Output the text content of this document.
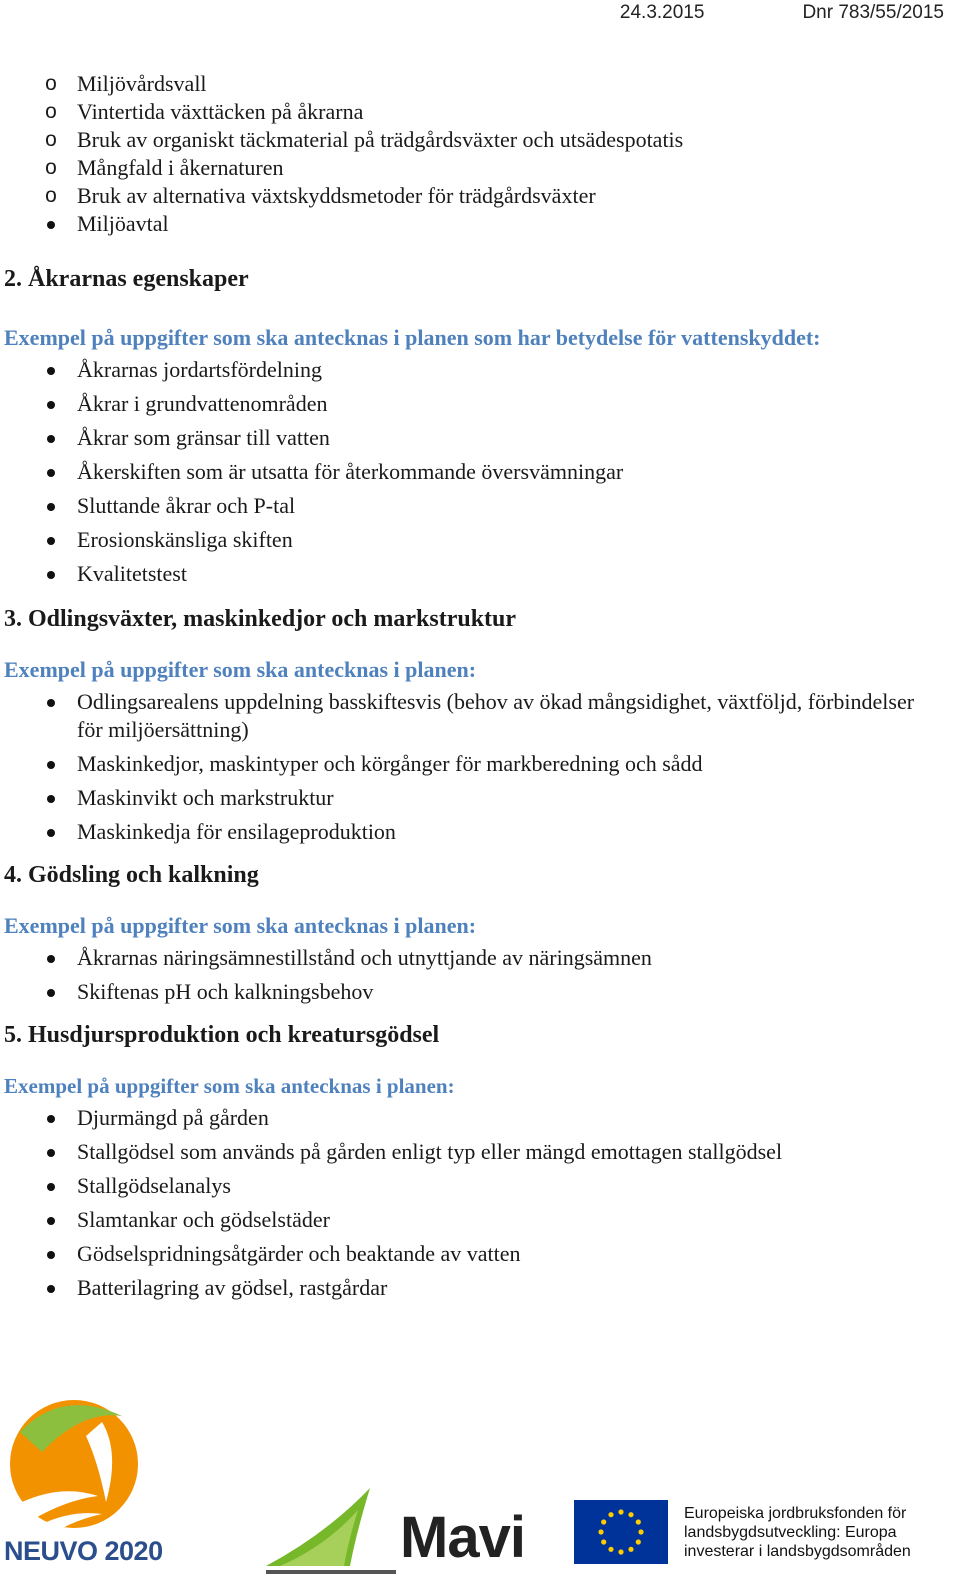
24.3.2015	Dnr 783/55/2015
o Miljövårdsvall
o Vintertida växttäcken på åkrarna
o Bruk av organiskt täckmaterial på trädgårdsväxter och utsädespotatis
o Mångfald i åkernaturen
o Bruk av alternativa växtskyddsmetoder för trädgårdsväxter
Miljöavtal
2. Åkrarnas egenskaper

Exempel på uppgifter som ska antecknas i planen som har betydelse för vattenskyddet:

Åkrarnas jordartsfördelning
Åkrar i grundvattenområden
Åkrar som gränsar till vatten
Åkerskiften som är utsatta för återkommande översvämningar
Sluttande åkrar och P-tal
Erosionskänsliga skiften
Kvalitetstest
3. Odlingsväxter, maskinkedjor och markstruktur

Exempel på uppgifter som ska antecknas i planen:

Odlingsarealens uppdelning basskiftesvis (behov av ökad mångsidighet, växtföljd, förbindelser för miljöersättning)
Maskinkedjor, maskintyper och körgånger för markberedning och sådd
Maskinvikt och markstruktur
Maskinkedja för ensilageproduktion
4. Gödsling och kalkning

Exempel på uppgifter som ska antecknas i planen:

Åkrarnas näringsämnestillstånd och utnyttjande av näringsämnen
Skiftenas pH och kalkningsbehov
5. Husdjursproduktion och kreatursgödsel

Exempel på uppgifter som ska antecknas i planen:

Djurmängd på gården
Stallgödsel som används på gården enligt typ eller mängd emottagen stallgödsel
Stallgödselanalys
Slamtankar och gödselstäder
Gödselspridningsåtgärder och beaktande av vatten
Batterilagring av gödsel, rastgårdar
NEUVO 2020	Mavi	Europeiska jordbruksfonden för
landsbygdsutveckling: Europa
investerar i landsbygdsområden
